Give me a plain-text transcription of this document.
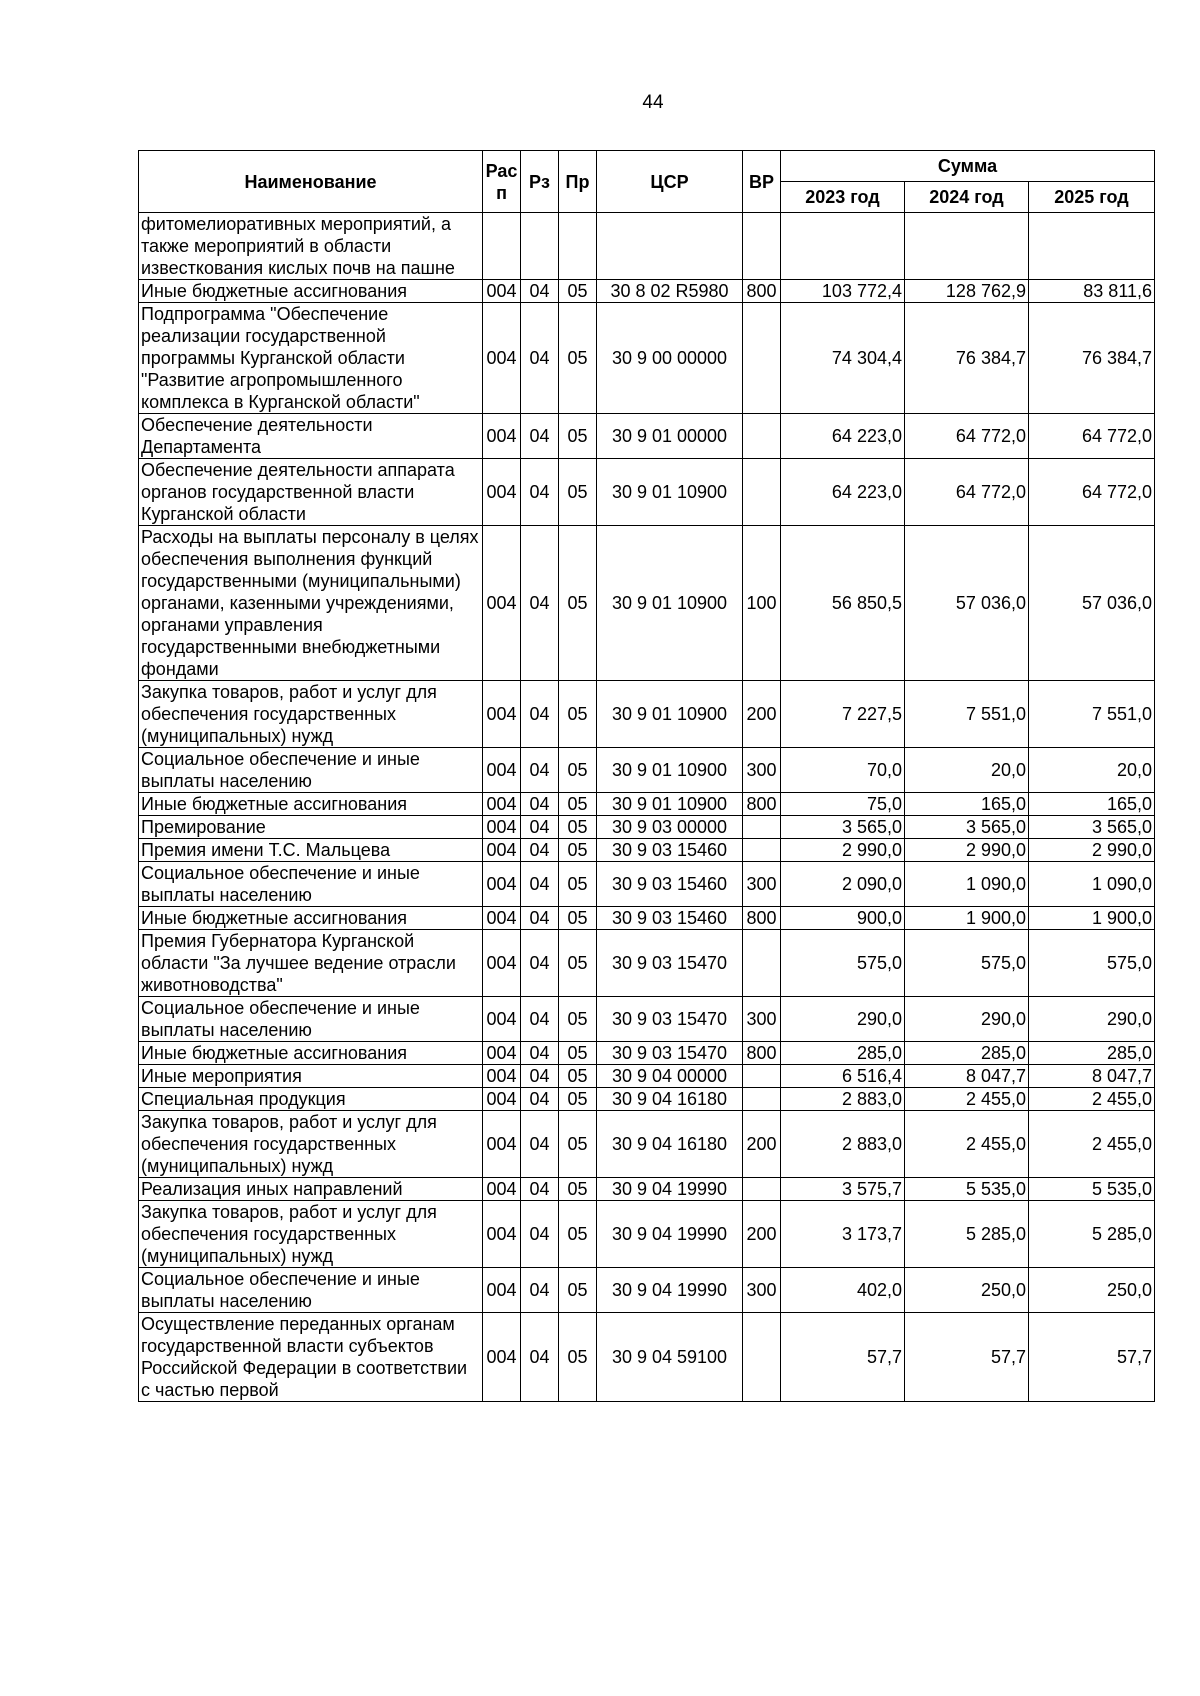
44
Наименование	Рас п	Рз	Пр	ЦСР	ВР	Сумма		
						2023 год	2024 год	2025 год
фитомелиоративных мероприятий, а также мероприятий в области известкования кислых почв на пашне								
Иные бюджетные ассигнования	004	04	05	30 8 02 R5980	800	103 772,4	128 762,9	83 811,6
Подпрограмма "Обеспечение реализации государственной программы Курганской области "Развитие агропромышленного комплекса в Курганской области"	004	04	05	30 9 00 00000		74 304,4	76 384,7	76 384,7
Обеспечение деятельности Департамента	004	04	05	30 9 01 00000		64 223,0	64 772,0	64 772,0
Обеспечение деятельности аппарата органов государственной власти Курганской области	004	04	05	30 9 01 10900		64 223,0	64 772,0	64 772,0
Расходы на выплаты персоналу в целях обеспечения выполнения функций государственными (муниципальными) органами, казенными учреждениями, органами управления государственными внебюджетными фондами	004	04	05	30 9 01 10900	100	56 850,5	57 036,0	57 036,0
Закупка товаров, работ и услуг для обеспечения государственных (муниципальных) нужд	004	04	05	30 9 01 10900	200	7 227,5	7 551,0	7 551,0
Социальное обеспечение и иные выплаты населению	004	04	05	30 9 01 10900	300	70,0	20,0	20,0
Иные бюджетные ассигнования	004	04	05	30 9 01 10900	800	75,0	165,0	165,0
Премирование	004	04	05	30 9 03 00000		3 565,0	3 565,0	3 565,0
Премия имени Т.С. Мальцева	004	04	05	30 9 03 15460		2 990,0	2 990,0	2 990,0
Социальное обеспечение и иные выплаты населению	004	04	05	30 9 03 15460	300	2 090,0	1 090,0	1 090,0
Иные бюджетные ассигнования	004	04	05	30 9 03 15460	800	900,0	1 900,0	1 900,0
Премия Губернатора Курганской области "За лучшее ведение отрасли животноводства"	004	04	05	30 9 03 15470		575,0	575,0	575,0
Социальное обеспечение и иные выплаты населению	004	04	05	30 9 03 15470	300	290,0	290,0	290,0
Иные бюджетные ассигнования	004	04	05	30 9 03 15470	800	285,0	285,0	285,0
Иные мероприятия	004	04	05	30 9 04 00000		6 516,4	8 047,7	8 047,7
Специальная продукция	004	04	05	30 9 04 16180		2 883,0	2 455,0	2 455,0
Закупка товаров, работ и услуг для обеспечения государственных (муниципальных) нужд	004	04	05	30 9 04 16180	200	2 883,0	2 455,0	2 455,0
Реализация иных направлений	004	04	05	30 9 04 19990		3 575,7	5 535,0	5 535,0
Закупка товаров, работ и услуг для обеспечения государственных (муниципальных) нужд	004	04	05	30 9 04 19990	200	3 173,7	5 285,0	5 285,0
Социальное обеспечение и иные выплаты населению	004	04	05	30 9 04 19990	300	402,0	250,0	250,0
Осуществление переданных органам государственной власти субъектов Российской Федерации в соответствии с частью первой	004	04	05	30 9 04 59100		57,7	57,7	57,7
